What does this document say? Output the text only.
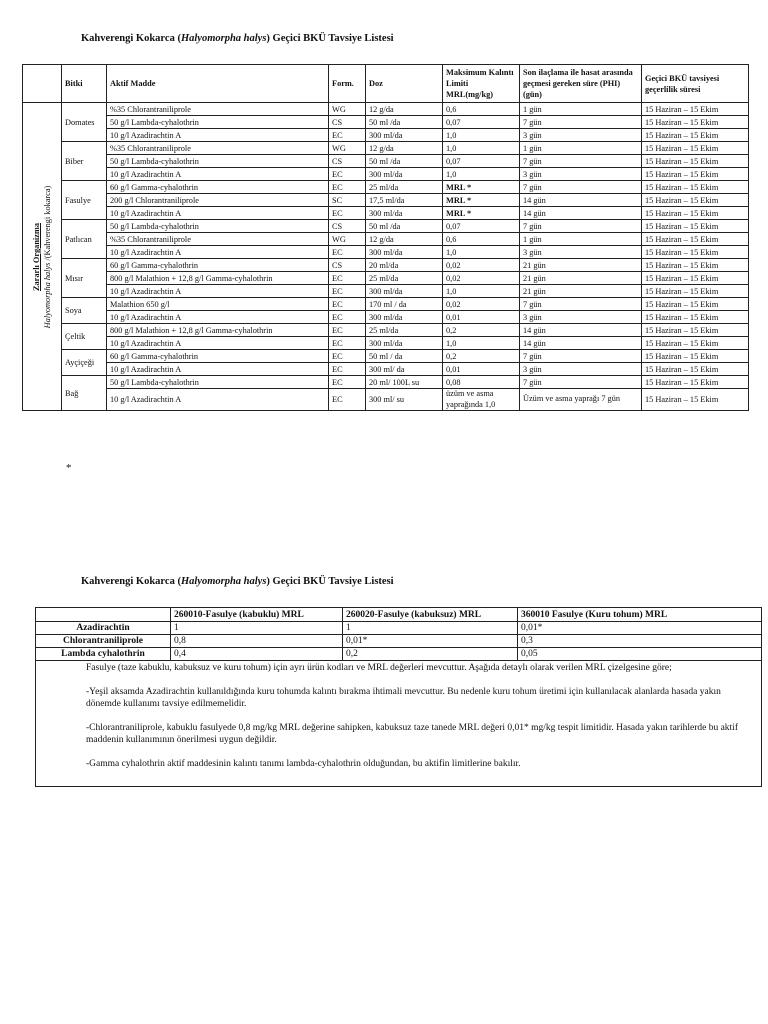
Kahverengi Kokarca (Halyomorpha halys) Geçici BKÜ Tavsiye Listesi
	Bitki	Aktif Madde	Form.	Doz	Maksimum Kalıntı Limiti MRL(mg/kg)	Son ilaçlama ile hasat arasında geçmesi gereken süre (PHI) (gün)	Geçici BKÜ tavsiyesi geçerlilik süresi

Zararlı Organizma
Halyomorpha halys /(Kahverengi kokarca)	Domates	%35 Chlorantraniliprole	WG	12 g/da	0,6	1 gün	15 Haziran – 15 Ekim
		50 g/l Lambda-cyhalothrin	CS	50 ml /da	0,07	7 gün	15 Haziran – 15 Ekim
		10 g/l Azadirachtin A	EC	300 ml/da	1,0	3 gün	15 Haziran – 15 Ekim
	Biber	%35 Chlorantraniliprole	WG	12 g/da	1,0	1 gün	15 Haziran – 15 Ekim
		50 g/l Lambda-cyhalothrin	CS	50 ml /da	0,07	7 gün	15 Haziran – 15 Ekim
		10 g/l Azadirachtin A	EC	300 ml/da	1,0	3 gün	15 Haziran – 15 Ekim
	Fasulye	60 g/l Gamma-cyhalothrin	EC	25 ml/da	MRL *	7 gün	15 Haziran – 15 Ekim
		200 g/l Chlorantraniliprole	SC	17,5 ml/da	MRL *	14 gün	15 Haziran – 15 Ekim
		10 g/l Azadirachtin A	EC	300 ml/da	MRL *	14 gün	15 Haziran – 15 Ekim
	Patlıcan	50 g/l Lambda-cyhalothrin	CS	50 ml /da	0,07	7 gün	15 Haziran – 15 Ekim
		%35 Chlorantraniliprole	WG	12 g/da	0,6	1 gün	15 Haziran – 15 Ekim
		10 g/l Azadirachtin A	EC	300 ml/da	1,0	3 gün	15 Haziran – 15 Ekim
	Mısır	60 g/l Gamma-cyhalothrin	CS	20 ml/da	0,02	21 gün	15 Haziran – 15 Ekim
		800 g/l Malathion + 12,8 g/l Gamma-cyhalothrin	EC	25 ml/da	0,02	21 gün	15 Haziran – 15 Ekim
		10 g/l Azadirachtin A	EC	300 ml/da	1,0	21 gün	15 Haziran – 15 Ekim
	Soya	Malathion 650 g/l	EC	170 ml / da	0,02	7 gün	15 Haziran – 15 Ekim
		10 g/l Azadirachtin A	EC	300 ml/da	0,01	3 gün	15 Haziran – 15 Ekim
	Çeltik	800 g/l Malathion + 12,8 g/l Gamma-cyhalothrin	EC	25 ml/da	0,2	14 gün	15 Haziran – 15 Ekim
		10 g/l Azadirachtin A	EC	300 ml/da	1,0	14 gün	15 Haziran – 15 Ekim
	Ayçiçeği	60 g/l Gamma-cyhalothrin	EC	50 ml / da	0,2	7 gün	15 Haziran – 15 Ekim
		10 g/l Azadirachtin A	EC	300 ml/ da	0,01	3 gün	15 Haziran – 15 Ekim
	Bağ	50 g/l Lambda-cyhalothrin	EC	20 ml/ 100L su	0,08	7 gün	15 Haziran – 15 Ekim
		10 g/l Azadirachtin A	EC	300 ml/ su	üzüm ve asma yaprağında 1,0	Üzüm ve asma yaprağı 7 gün	15 Haziran – 15 Ekim
*
Kahverengi Kokarca (Halyomorpha halys) Geçici BKÜ Tavsiye Listesi
	260010-Fasulye (kabuklu) MRL	260020-Fasulye (kabuksuz) MRL	360010 Fasulye (Kuru tohum) MRL
Azadirachtin	1	1	0,01*
Chlorantraniliprole	0,8	0,01*	0,3
Lambda cyhalothrin	0,4	0,2	0,05

Fasulye (taze kabuklu, kabuksuz ve kuru tohum) için ayrı ürün kodları ve MRL değerleri mevcuttur. Aşağıda detaylı olarak verilen MRL çizelgesine göre;

-Yeşil aksamda Azadirachtin kullanıldığında kuru tohumda kalıntı bırakma ihtimali mevcuttur. Bu nedenle kuru tohum üretimi için kullanılacak alanlarda hasada yakın dönemde kullanımı tavsiye edilmemelidir.

-Chlorantraniliprole, kabuklu fasulyede 0,8 mg/kg MRL değerine sahipken, kabuksuz taze tanede MRL değeri 0,01* mg/kg tespit limitidir. Hasada yakın tarihlerde bu aktif maddenin kullanımının önerilmesi uygun değildir.

-Gamma cyhalothrin aktif maddesinin kalıntı tanımı lambda-cyhalothrin olduğundan, bu aktifin limitlerine bakılır.			
